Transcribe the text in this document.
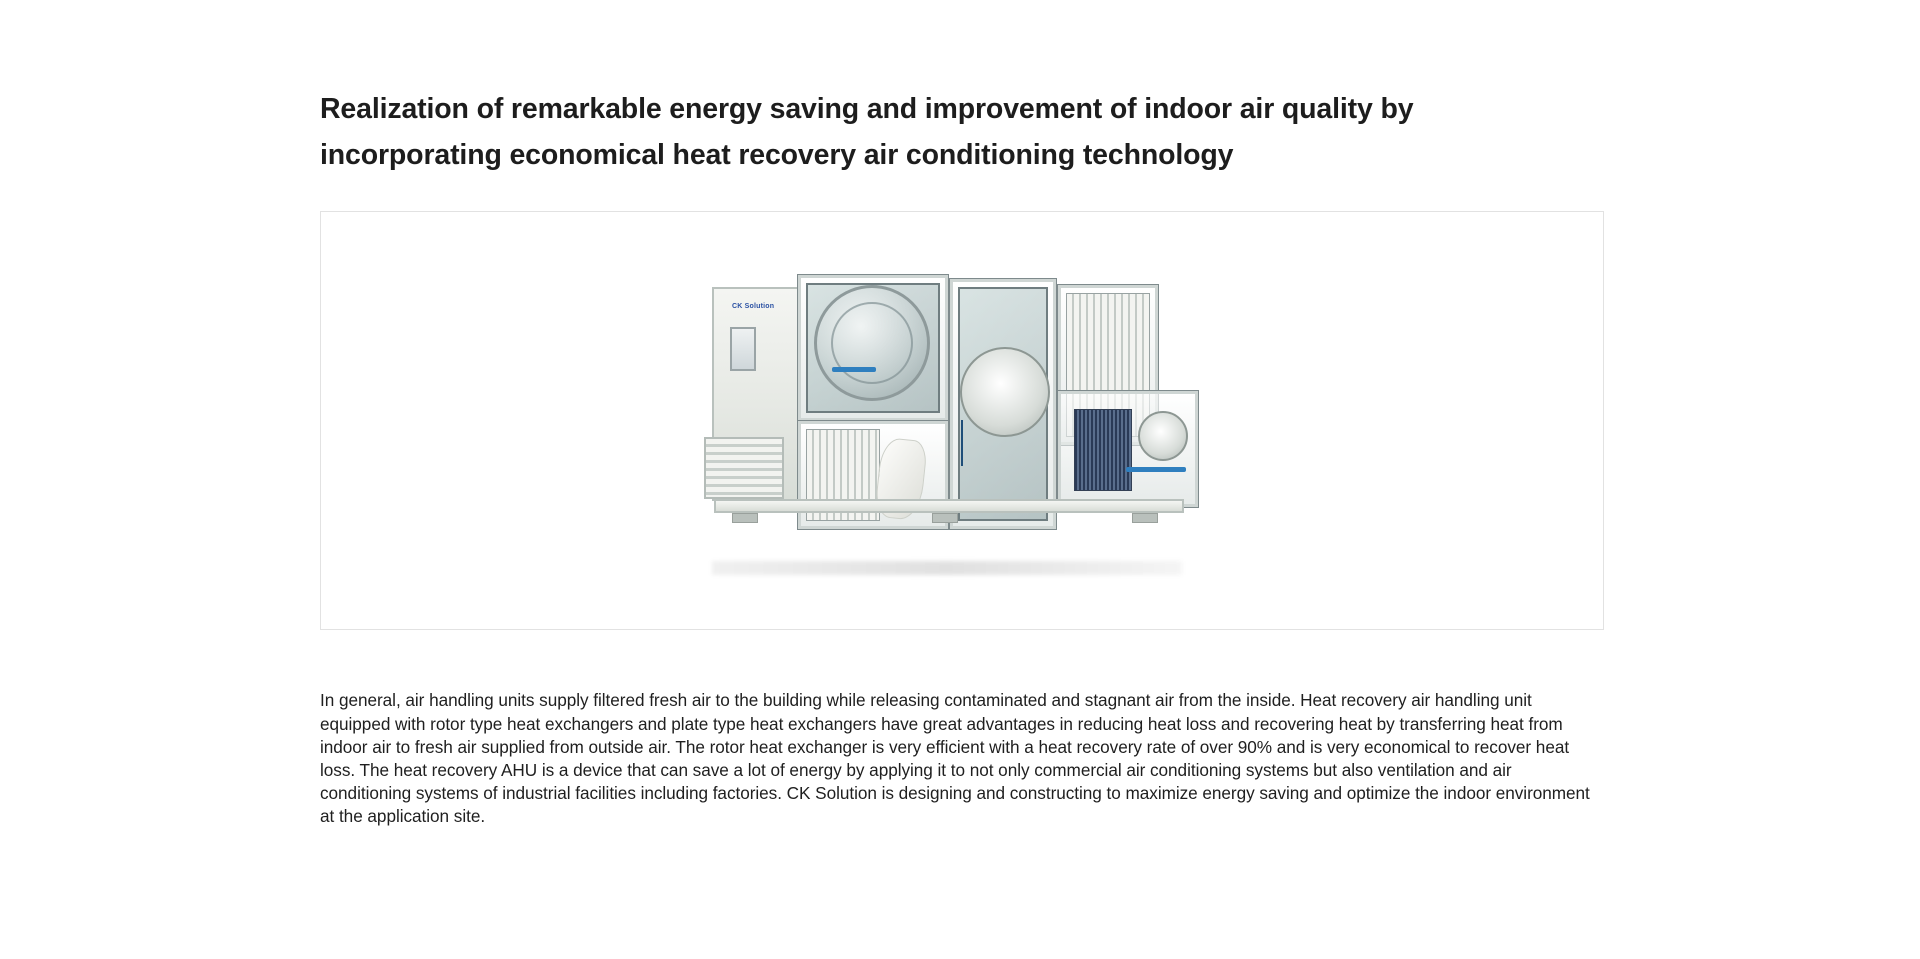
Realization of remarkable energy saving and improvement of indoor air quality by incorporating economical heat recovery air conditioning technology
CK Solution

In general, air handling units supply filtered fresh air to the building while releasing contaminated and stagnant air from the inside. Heat recovery air handling unit equipped with rotor type heat exchangers and plate type heat exchangers have great advantages in reducing heat loss and recovering heat by transferring heat from indoor air to fresh air supplied from outside air. The rotor heat exchanger is very efficient with a heat recovery rate of over 90% and is very economical to recover heat loss. The heat recovery AHU is a device that can save a lot of energy by applying it to not only commercial air conditioning systems but also ventilation and air conditioning systems of industrial facilities including factories. CK Solution is designing and constructing to maximize energy saving and optimize the indoor environment at the application site.
